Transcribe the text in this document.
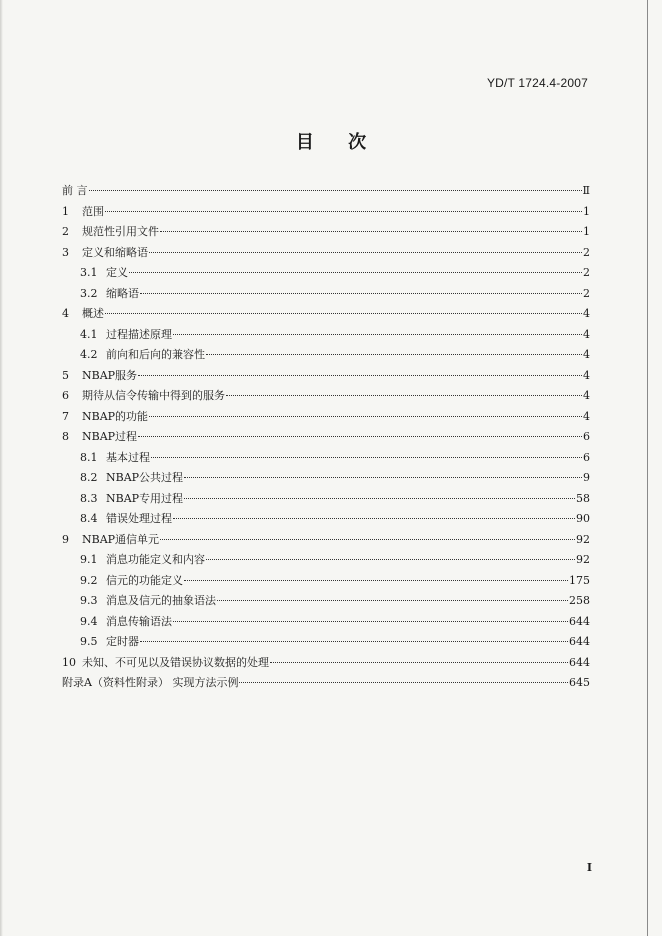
YD/T 1724.4-2007
目 次
前 言	Ⅱ
1	范围	1
2	规范性引用文件	1
3	定义和缩略语	2
3.1 定义	2
3.2 缩略语	2
4	概述	4
4.1 过程描述原理	4
4.2 前向和后向的兼容性	4
5	NBAP服务	4
6	期待从信令传输中得到的服务	4
7	NBAP的功能	4
8	NBAP过程	6
8.1 基本过程	6
8.2 NBAP公共过程	9
8.3 NBAP专用过程	58
8.4 错误处理过程	90
9	NBAP通信单元	92
9.1 消息功能定义和内容	92
9.2 信元的功能定义	175
9.3 消息及信元的抽象语法	258
9.4 消息传输语法	644
9.5 定时器	644
10 未知、不可见以及错误协议数据的处理	644
附录A（资料性附录） 实现方法示例	645
I
